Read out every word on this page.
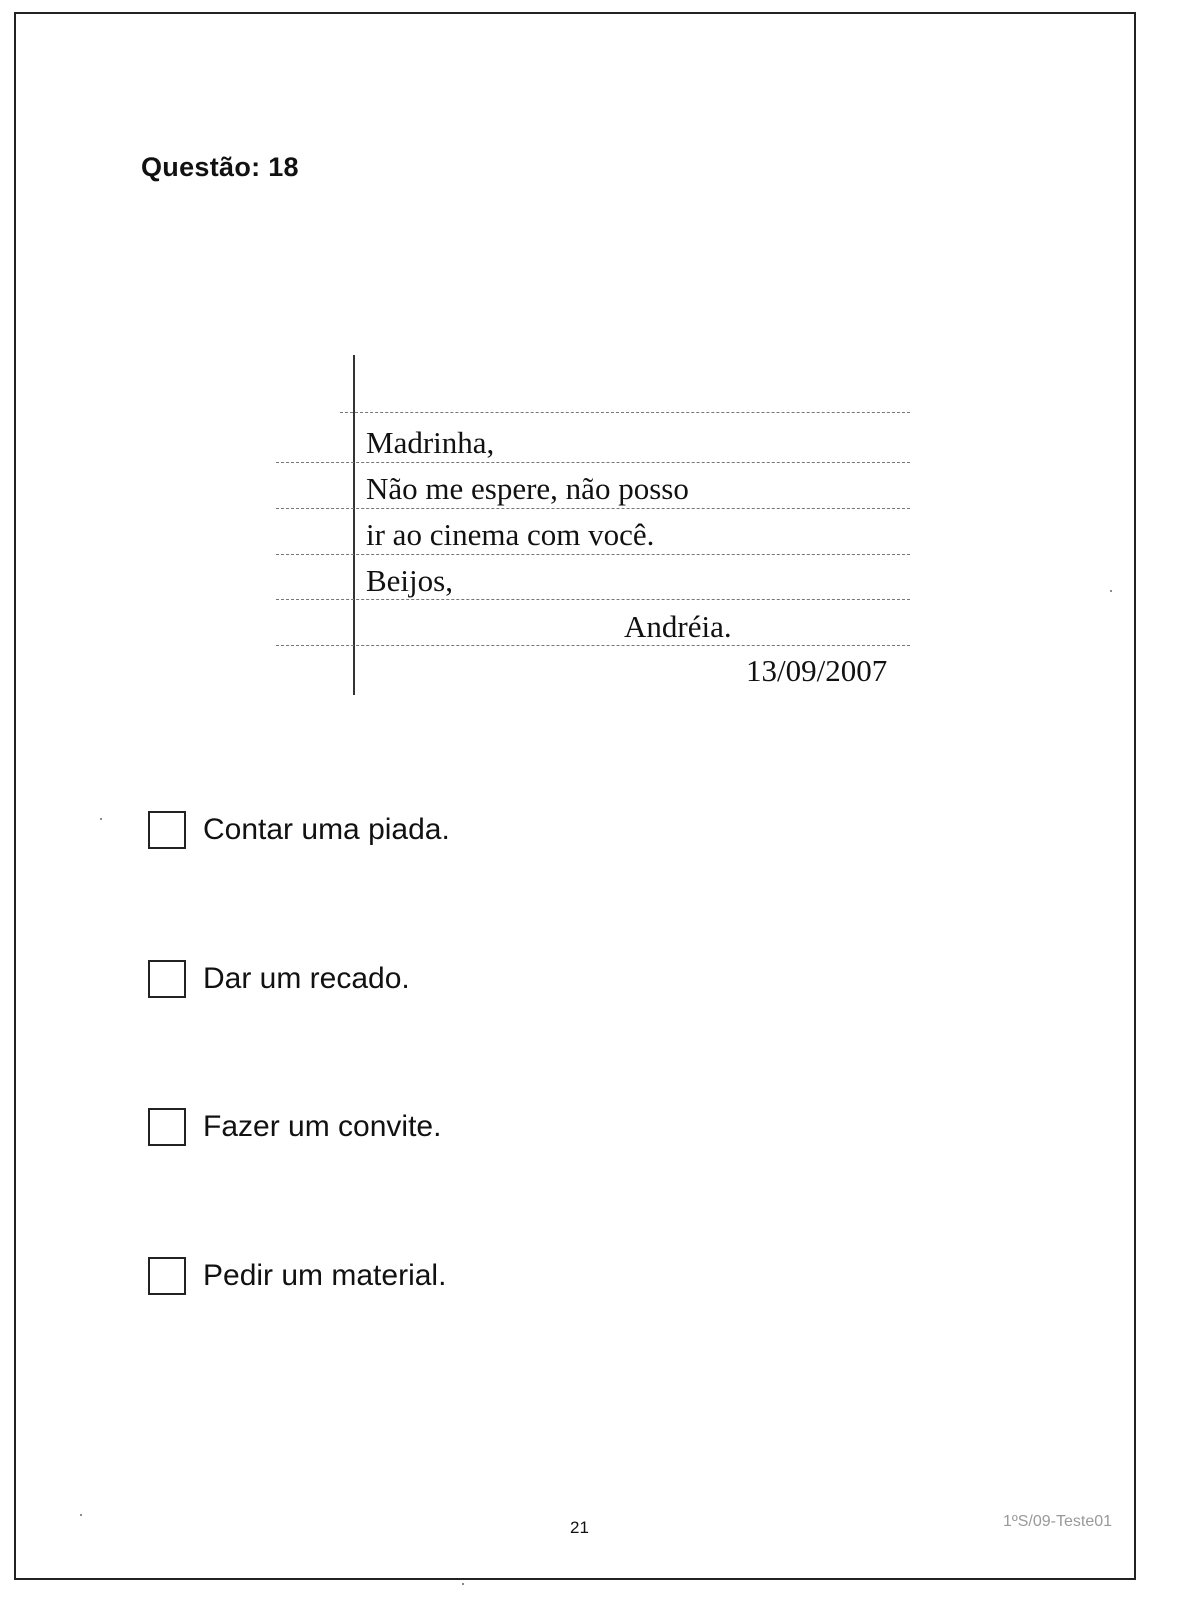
Questão: 18
Madrinha,
Não me espere, não posso
ir ao cinema com você.
Beijos,
Andréia.
13/09/2007
Contar uma piada.
Dar um recado.
Fazer um convite.
Pedir um material.
21	1ºS/09-Teste01
